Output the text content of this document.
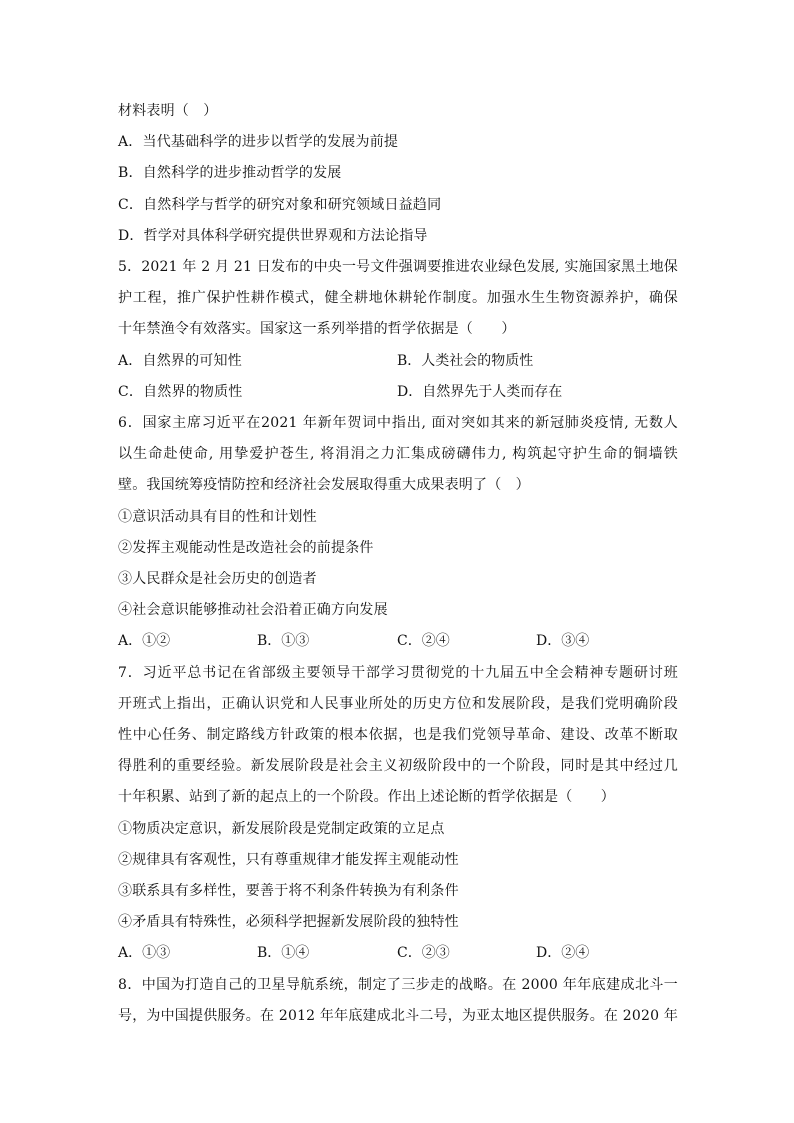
材料表明（　）
A．当代基础科学的进步以哲学的发展为前提
B．自然科学的进步推动哲学的发展
C．自然科学与哲学的研究对象和研究领域日益趋同
D．哲学对具体科学研究提供世界观和方法论指导
5．2021 年 2 月 21 日发布的中央一号文件强调要推进农业绿色发展, 实施国家黑土地保
护工程，推广保护性耕作模式，健全耕地休耕轮作制度。加强水生生物资源养护，确保
十年禁渔令有效落实。国家这一系列举措的哲学依据是（　　）
A．自然界的可知性	B．人类社会的物质性
C．自然界的物质性	D．自然界先于人类而存在
6．国家主席习近平在2021 年新年贺词中指出, 面对突如其来的新冠肺炎疫情, 无数人
以生命赴使命, 用挚爱护苍生, 将涓涓之力汇集成磅礴伟力, 构筑起守护生命的铜墙铁
壁。我国统筹疫情防控和经济社会发展取得重大成果表明了（　）
①意识活动具有目的性和计划性
②发挥主观能动性是改造社会的前提条件
③人民群众是社会历史的创造者
④社会意识能够推动社会沿着正确方向发展
A．①②	B．①③	C．②④	D．③④
7．习近平总书记在省部级主要领导干部学习贯彻党的十九届五中全会精神专题研讨班
开班式上指出，正确认识党和人民事业所处的历史方位和发展阶段，是我们党明确阶段
性中心任务、制定路线方针政策的根本依据，也是我们党领导革命、建设、改革不断取
得胜利的重要经验。新发展阶段是社会主义初级阶段中的一个阶段，同时是其中经过几
十年积累、站到了新的起点上的一个阶段。作出上述论断的哲学依据是（　　）
①物质决定意识，新发展阶段是党制定政策的立足点
②规律具有客观性，只有尊重规律才能发挥主观能动性
③联系具有多样性，要善于将不利条件转换为有利条件
④矛盾具有特殊性，必须科学把握新发展阶段的独特性
A．①③	B．①④	C．②③	D．②④
8．中国为打造自己的卫星导航系统，制定了三步走的战略。在 2000 年年底建成北斗一
号，为中国提供服务。在 2012 年年底建成北斗二号，为亚太地区提供服务。在 2020 年
